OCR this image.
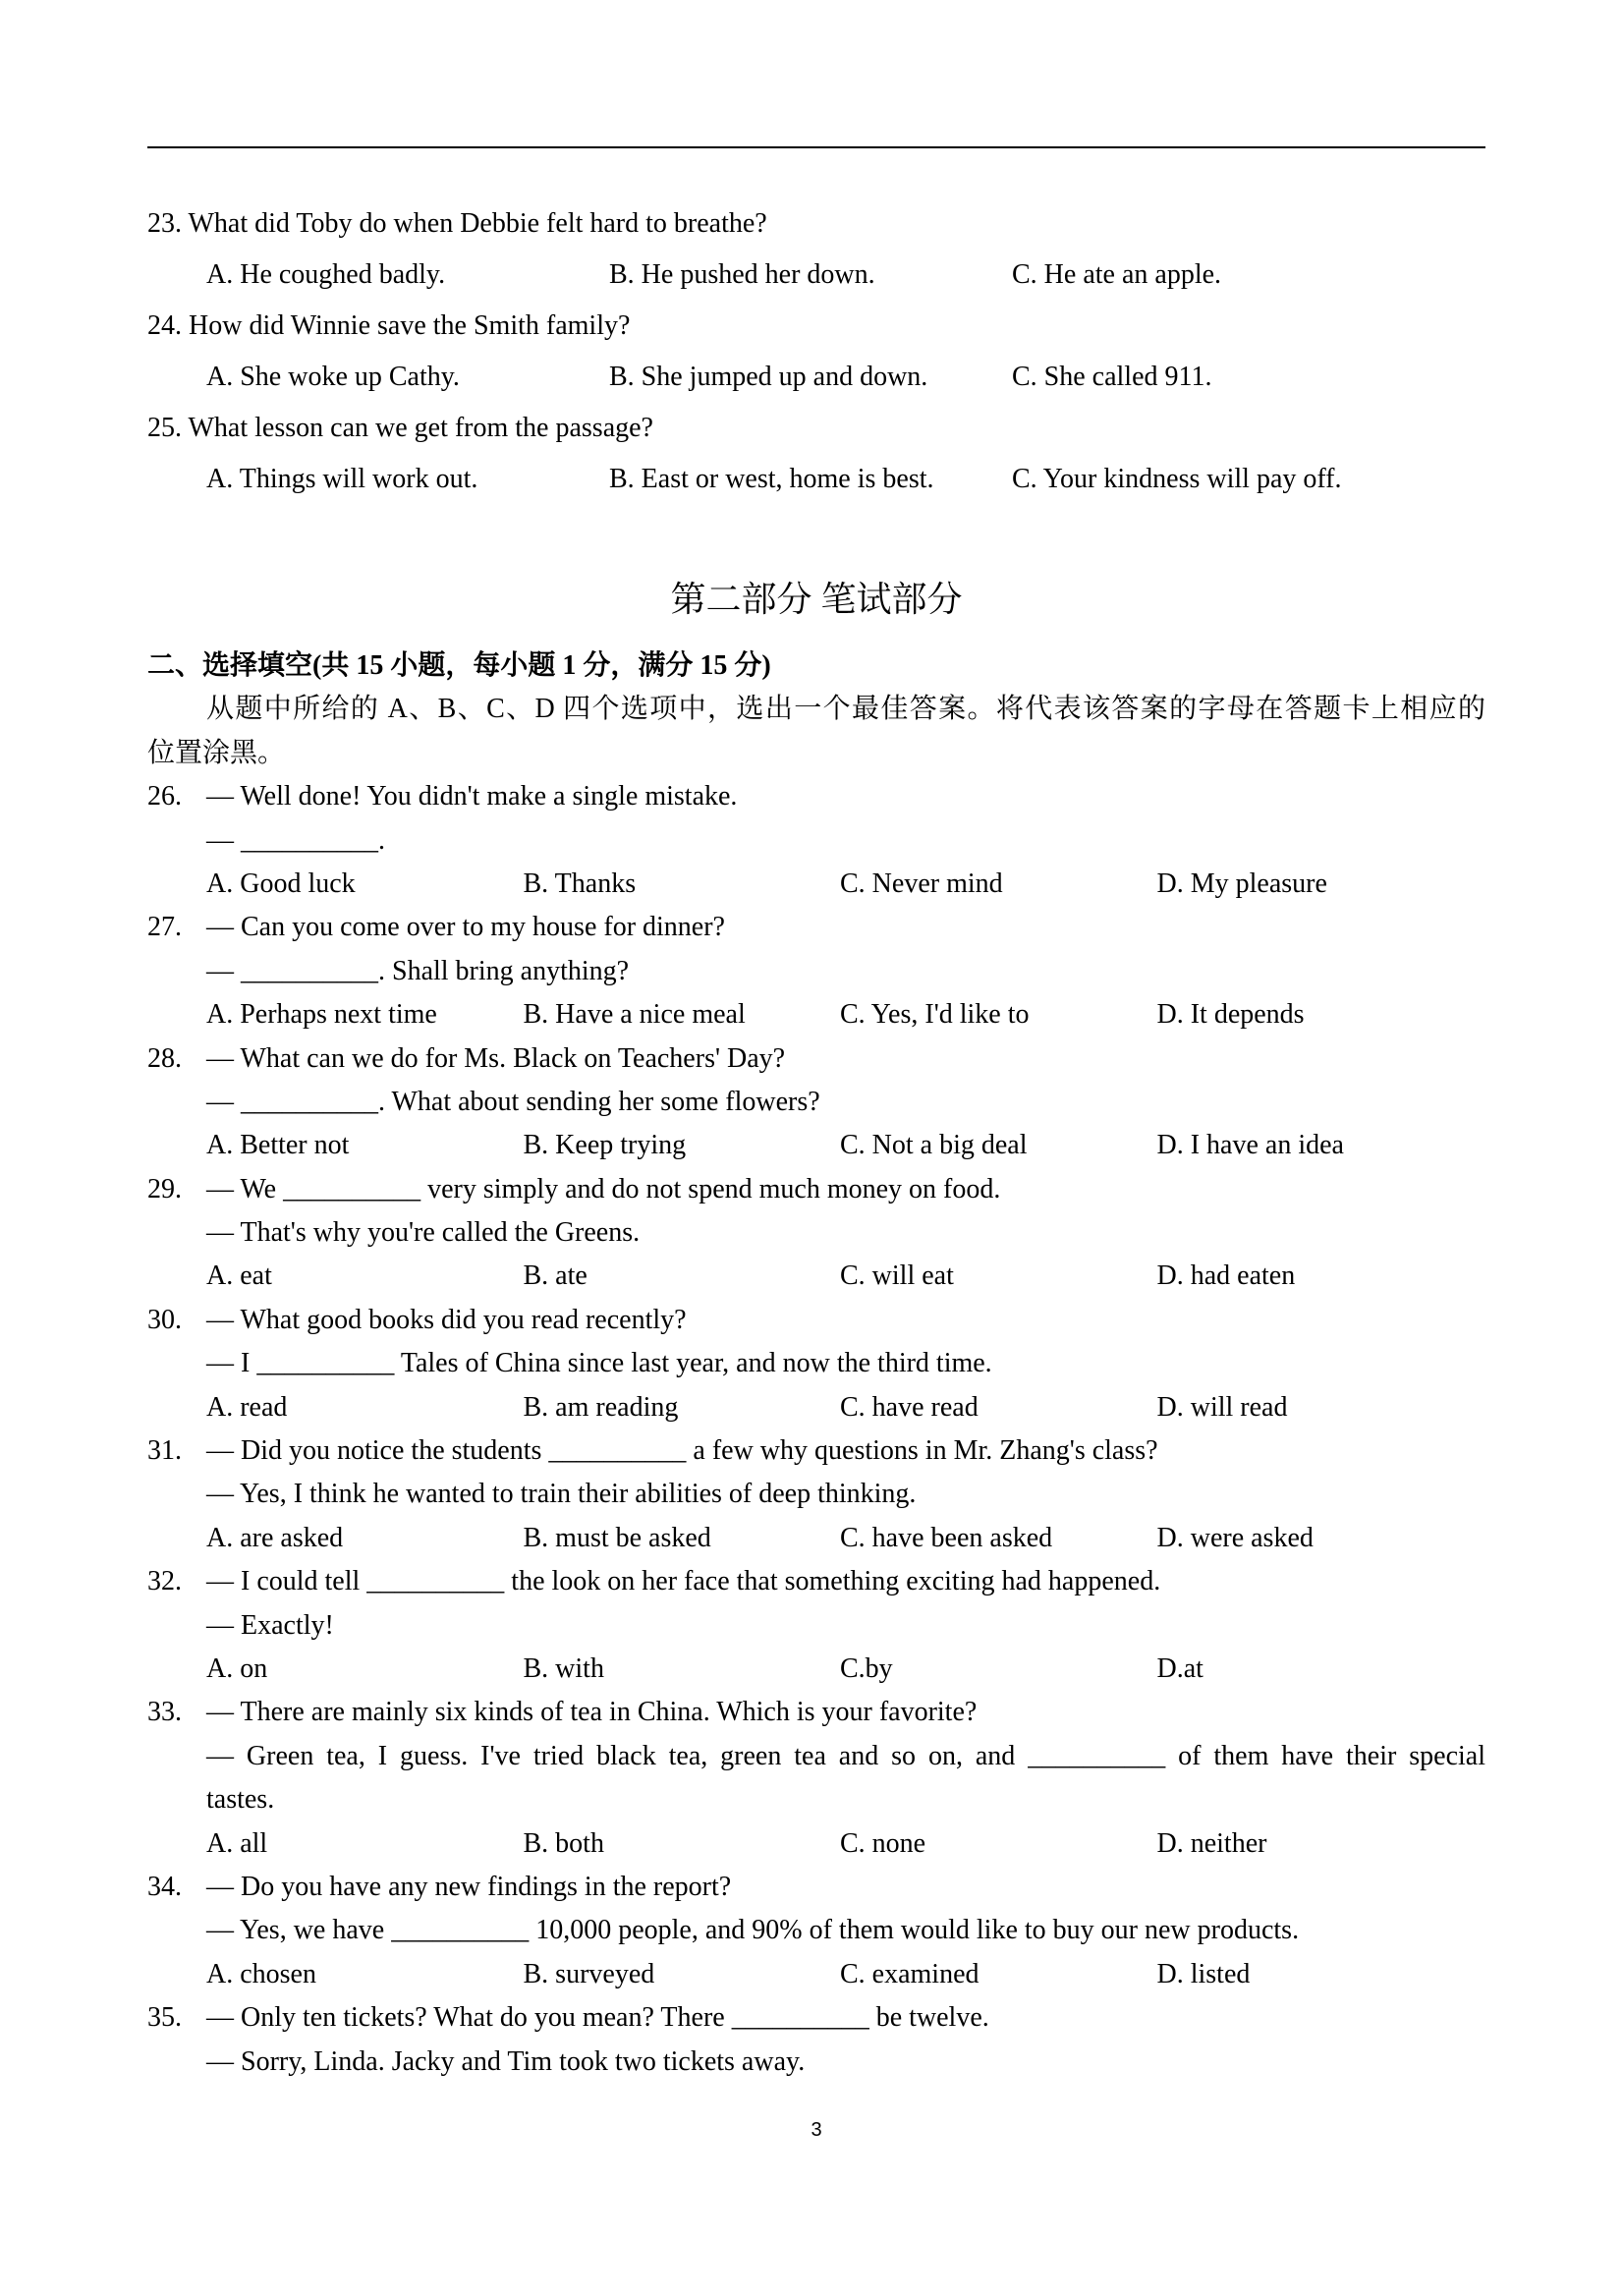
23. What did Toby do when Debbie felt hard to breathe?
A. He coughed badly.	B. He pushed her down.	C. He ate an apple.
24. How did Winnie save the Smith family?
A. She woke up Cathy.	B. She jumped up and down.	C. She called 911.
25. What lesson can we get from the passage?
A. Things will work out.	B. East or west, home is best.	C. Your kindness will pay off.
第二部分 笔试部分
二、选择填空(共 15 小题，每小题 1 分，满分 15 分)
从题中所给的 A、B、C、D 四个选项中，选出一个最佳答案。将代表该答案的字母在答题卡上相应的
位置涂黑。
26. — Well done! You didn't make a single mistake.
— __________.
A. Good luck	B. Thanks	C. Never mind	D. My pleasure
27. — Can you come over to my house for dinner?
— __________. Shall bring anything?
A. Perhaps next time	B. Have a nice meal	C. Yes, I'd like to	D. It depends
28. — What can we do for Ms. Black on Teachers' Day?
— __________. What about sending her some flowers?
A. Better not	B. Keep trying	C. Not a big deal	D. I have an idea
29. — We __________ very simply and do not spend much money on food.
— That's why you're called the Greens.
A. eat	B. ate	C. will eat	D. had eaten
30. — What good books did you read recently?
— I __________ Tales of China since last year, and now the third time.
A. read	B. am reading	C. have read	D. will read
31. — Did you notice the students __________ a few why questions in Mr. Zhang's class?
— Yes, I think he wanted to train their abilities of deep thinking.
A. are asked	B. must be asked	C. have been asked	D. were asked
32. — I could tell __________ the look on her face that something exciting had happened.
— Exactly!
A. on	B. with	C.by	D.at
33. — There are mainly six kinds of tea in China. Which is your favorite?
— Green tea, I guess. I've tried black tea, green tea and so on, and __________ of them have their special
tastes.
A. all	B. both	C. none	D. neither
34. — Do you have any new findings in the report?
— Yes, we have __________ 10,000 people, and 90% of them would like to buy our new products.
A. chosen	B. surveyed	C. examined	D. listed
35. — Only ten tickets? What do you mean? There __________ be twelve.
— Sorry, Linda. Jacky and Tim took two tickets away.
3
